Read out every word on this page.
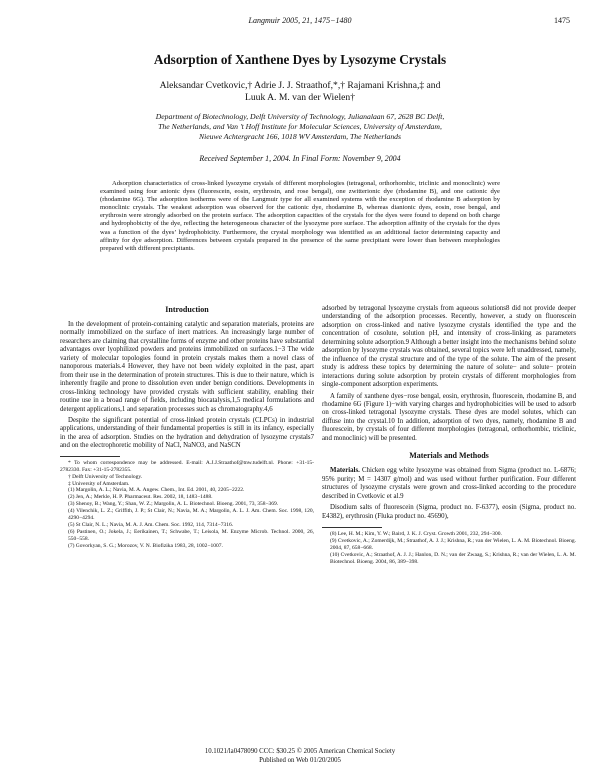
Langmuir 2005, 21, 1475−1480	1475
Adsorption of Xanthene Dyes by Lysozyme Crystals
Aleksandar Cvetkovic,† Adrie J. J. Straathof,*,† Rajamani Krishna,‡ and
Luuk A. M. van der Wielen†
Department of Biotechnology, Delft University of Technology, Julianalaan 67, 2628 BC Delft,
The Netherlands, and Van ’t Hoff Institute for Molecular Sciences, University of Amsterdam,
Nieuwe Achtergracht 166, 1018 WV Amsterdam, The Netherlands
Received September 1, 2004. In Final Form: November 9, 2004

Adsorption characteristics of cross-linked lysozyme crystals of different morphologies (tetragonal, orthorhombic, triclinic and monoclinic) were examined using four anionic dyes (fluorescein, eosin, erythrosin, and rose bengal), one zwitterionic dye (rhodamine B), and one cationic dye (rhodamine 6G). The adsorption isotherms were of the Langmuir type for all examined systems with the exception of rhodamine B adsorption by monoclinic crystals. The weakest adsorption was observed for the cationic dye, rhodamine B, whereas dianionic dyes, eosin, rose bengal, and erythrosin were strongly adsorbed on the protein surface. The adsorption capacities of the crystals for the dyes were found to depend on both charge and hydrophobicity of the dye, reflecting the heterogeneous character of the lysozyme pore surface. The adsorption affinity of the crystals for the dyes was a function of the dyes’ hydrophobicity. Furthermore, the crystal morphology was identified as an additional factor determining capacity and affinity for dye adsorption. Differences between crystals prepared in the presence of the same precipitant were lower than between morphologies prepared with different precipitants.

Introduction

In the development of protein-containing catalytic and separation materials, proteins are normally immobilized on the surface of inert matrices. An increasingly large number of researchers are claiming that crystalline forms of enzyme and other proteins have substantial advantages over lyophilized powders and proteins immobilized on surfaces.1−3 The wide variety of molecular topologies found in protein crystals makes them a novel class of nanoporous materials.4 However, they have not been widely exploited in the past, apart from their use in the determination of protein structures. This is due to their nature, which is inherently fragile and prone to dissolution even under benign conditions. Developments in cross-linking technology have provided crystals with sufficient stability, enabling their routine use in a broad range of fields, including biocatalysis,1,5 medical formulations and detergent applications,1 and separation processes such as chromatography.4,6

Despite the significant potential of cross-linked protein crystals (CLPCs) in industrial applications, understanding of their fundamental properties is still in its infancy, especially in the area of adsorption. Studies on the hydration and dehydration of lysozyme crystals7 and on the electrophoretic mobility of NaCl, NaNO3, and NaSCN

* To whom correspondence may be addressed. E-mail: A.J.J.Straathof@tnw.tudelft.nl. Phone: +31-15-2782330. Fax: +31-15-2782355.

† Delft University of Technology.

‡ University of Amsterdam.

(1) Margolin, A. L.; Navia, M. A. Angew. Chem., Int. Ed. 2001, 40, 2205−2222.

(2) Jen, A.; Merkle, H. P. Pharmaceut. Res. 2002, 18, 1483−1488.

(3) Shenoy, B.; Wang, Y.; Shan, W. Z.; Margolin, A. L. Biotechnol. Bioeng. 2001, 73, 358−369.

(4) Vilenchik, L. Z.; Griffith, J. P.; St Clair, N.; Navia, M. A.; Margolin, A. L. J. Am. Chem. Soc. 1998, 120, 4290−4294.

(5) St Clair, N. L.; Navia, M. A. J. Am. Chem. Soc. 1992, 114, 7314−7316.

(6) Pastinen, O.; Jokela, J.; Eerikainen, T.; Schwabe, T.; Leisola, M. Enzyme Microb. Technol. 2000, 26, 550−558.

(7) Govorkyan, S. G.; Morozov, V. N. Biofizika 1983, 28, 1002−1007.

adsorbed by tetragonal lysozyme crystals from aqueous solutions8 did not provide deeper understanding of the adsorption processes. Recently, however, a study on fluorescein adsorption on cross-linked and native lysozyme crystals identified the type and the concentration of cosolute, solution pH, and intensity of cross-linking as parameters determining solute adsorption.9 Although a better insight into the mechanisms behind solute adsorption by lysozyme crystals was obtained, several topics were left unaddressed, namely, the influence of the crystal structure and of the type of the solute. The aim of the present study is address these topics by determining the nature of solute− and solute− protein interactions during solute adsorption by protein crystals of different morphologies from single-component adsorption experiments.

A family of xanthene dyes−rose bengal, eosin, erythrosin, fluorescein, rhodamine B, and rhodamine 6G (Figure 1)−with varying charges and hydrophobicities will be used to adsorb on cross-linked tetragonal lysozyme crystals. These dyes are model solutes, which can diffuse into the crystal.10 In addition, adsorption of two dyes, namely, rhodamine B and fluorescein, by crystals of four different morphologies (tetragonal, orthorhombic, triclinic, and monoclinic) will be presented.

Materials and Methods

Materials. Chicken egg white lysozyme was obtained from Sigma (product no. L-6876; 95% purity; M = 14307 g/mol) and was used without further purification. Four different structures of lysozyme crystals were grown and cross-linked according to the procedure described in Cvetkovic et al.9

Disodium salts of fluorescein (Sigma, product no. F-6377), eosin (Sigma, product no. E4382), erythrosin (Fluka product no. 45690),

(8) Lee, H. M.; Kim, Y. W.; Baird, J. K. J. Cryst. Growth 2001, 232, 294−300.

(9) Cvetkovic, A.; Zomerdijk, M.; Straathof, A. J. J.; Krishna, R.; van der Wielen, L. A. M. Biotechnol. Bioeng. 2004, 87, 658−668.

(10) Cvetkovic, A.; Straathof, A. J. J.; Hanlon, D. N.; van der Zwaag, S.; Krishna, R.; van der Wielen, L. A. M. Biotechnol. Bioeng. 2004, 86, 389−398.

10.1021/la0478090 CCC: $30.25 © 2005 American Chemical Society
Published on Web 01/20/2005
